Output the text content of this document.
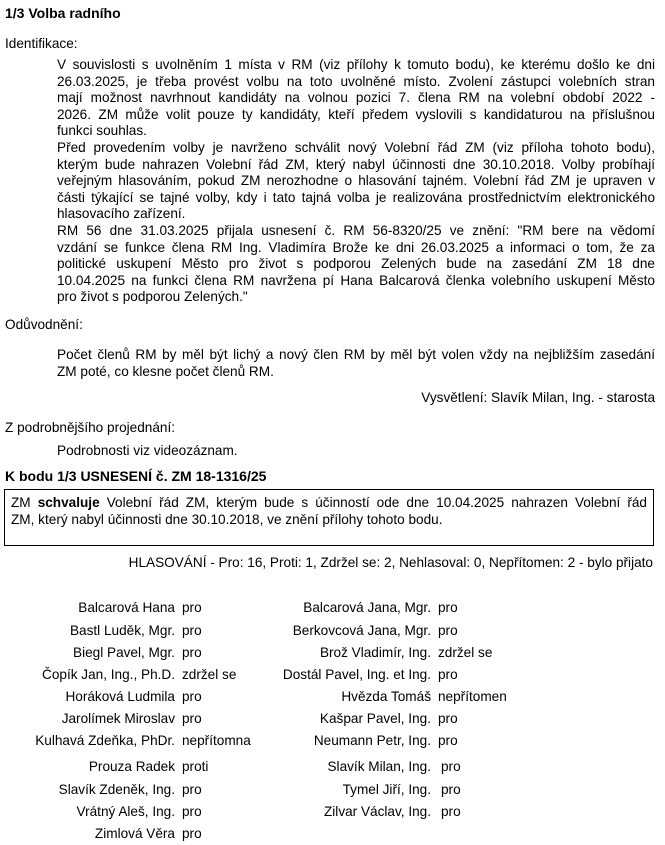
1/3 Volba radního
Identifikace:
V souvislosti s uvolněním 1 místa v RM (viz přílohy k tomuto bodu), ke kterému došlo ke dni
26.03.2025, je třeba provést volbu na toto uvolněné místo. Zvolení zástupci volebních stran
mají možnost navrhnout kandidáty na volnou pozici 7. člena RM na volební období 2022 -
2026. ZM může volit pouze ty kandidáty, kteří předem vyslovili s kandidaturou na příslušnou
funkci souhlas.
Před provedením volby je navrženo schválit nový Volební řád ZM (viz příloha tohoto bodu),
kterým bude nahrazen Volební řád ZM, který nabyl účinnosti dne 30.10.2018. Volby probíhají
veřejným hlasováním, pokud ZM nerozhodne o hlasování tajném. Volební řád ZM je upraven v
části týkající se tajné volby, kdy i tato tajná volba je realizována prostřednictvím elektronického
hlasovacího zařízení.
RM 56 dne 31.03.2025 přijala usnesení č. RM 56-8320/25 ve znění: "RM bere na vědomí
vzdání se funkce člena RM Ing. Vladimíra Brože ke dni 26.03.2025 a informaci o tom, že za
politické uskupení Město pro život s podporou Zelených bude na zasedání ZM 18 dne
10.04.2025 na funkci člena RM navržena pí Hana Balcarová členka volebního uskupení Město
pro život s podporou Zelených."
Odůvodnění:
Počet členů RM by měl být lichý a nový člen RM by měl být volen vždy na nejbližším zasedání
ZM poté, co klesne počet členů RM.
Vysvětlení: Slavík Milan, Ing. - starosta
Z podrobnějšího projednání:
Podrobnosti viz videozáznam.
K bodu 1/3 USNESENÍ č. ZM 18-1316/25
ZM schvaluje Volební řád ZM, kterým bude s účinností ode dne 10.04.2025 nahrazen Volební řád
ZM, který nabyl účinnosti dne 30.10.2018, ve znění přílohy tohoto bodu.
HLASOVÁNÍ - Pro: 16, Proti: 1, Zdržel se: 2, Nehlasoval: 0, Nepřítomen: 2 - bylo přijato
Balcarová Hana pro
Bastl Luděk, Mgr. pro
Biegl Pavel, Mgr. pro
Čopík Jan, Ing., Ph.D. zdržel se
Horáková Ludmila pro
Jarolímek Miroslav pro
Kulhavá Zdeňka, PhDr. nepřítomna
Prouza Radek proti
Slavík Zdeněk, Ing. pro
Vrátný Aleš, Ing. pro
Zimlová Věra pro
Balcarová Jana, Mgr. pro
Berkovcová Jana, Mgr. pro
Brož Vladimír, Ing. zdržel se
Dostál Pavel, Ing. et Ing. pro
Hvězda Tomáš nepřítomen
Kašpar Pavel, Ing. pro
Neumann Petr, Ing. pro
Slavík Milan, Ing. pro
Tymel Jiří, Ing. pro
Zilvar Václav, Ing. pro
